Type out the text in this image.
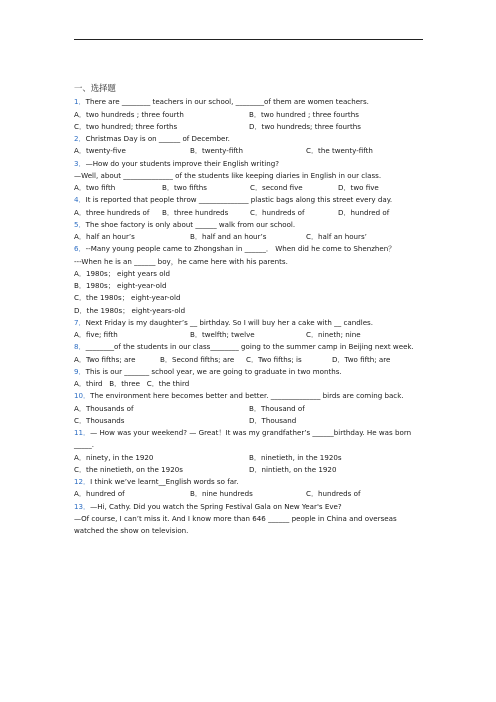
一、选择题
1．There are ________ teachers in our school, ________of them are women teachers.
A．two hundreds ; three fourth	B．two hundred ; three fourths
C．two hundred; three forths	D．two hundreds; three fourths
2．Christmas Day is on ______ of December.
A．twenty-five	B．twenty-fifth	C．the twenty-fifth
3．—How do your students improve their English writing?
—Well, about ______________ of the students like keeping diaries in English in our class.
A．two fifth	B．two fifths	C．second five	D．two five
4．It is reported that people throw ______________ plastic bags along this street every day.
A．three hundreds of	B．three hundreds	C．hundreds of	D．hundred of
5．The shoe factory is only about ______ walk from our school.
A．half an hour’s	B．half and an hour’s	C．half an hours’
6．--Many young people came to Zhongshan in ______． When did he come to Shenzhen？
---When he is an ______ boy，he came here with his parents.
A．1980s； eight years old
B．1980s； eight-year-old
C．the 1980s； eight-year-old
D．the 1980s； eight-years-old
7．Next Friday is my daughter’s __ birthday. So I will buy her a cake with __ candles.
A．five; fifth	B．twelfth; twelve	C．nineth; nine
8．________of the students in our class________ going to the summer camp in Beijing next week.
A．Two fifths; are	B．Second fifths; are	C．Two fifths; is	D．Two fifth; are
9．This is our _______ school year, we are going to graduate in two months.
A．third B．three C．the third
10．The environment here becomes better and better. ______________ birds are coming back.
A．Thousands of	B．Thousand of
C．Thousands	D．Thousand
11．— How was your weekend? — Great！It was my grandfather’s ______birthday. He was born _____.
A．ninety, in the 1920	B．ninetieth, in the 1920s
C．the ninetieth, on the 1920s	D．nintieth, on the 1920
12．I think we’ve learnt__English words so far.
A．hundred of	B．nine hundreds	C．hundreds of
13．—Hi, Cathy. Did you watch the Spring Festival Gala on New Year's Eve?
—Of course, I can’t miss it. And I know more than 646 ______ people in China and overseas watched the show on television.
